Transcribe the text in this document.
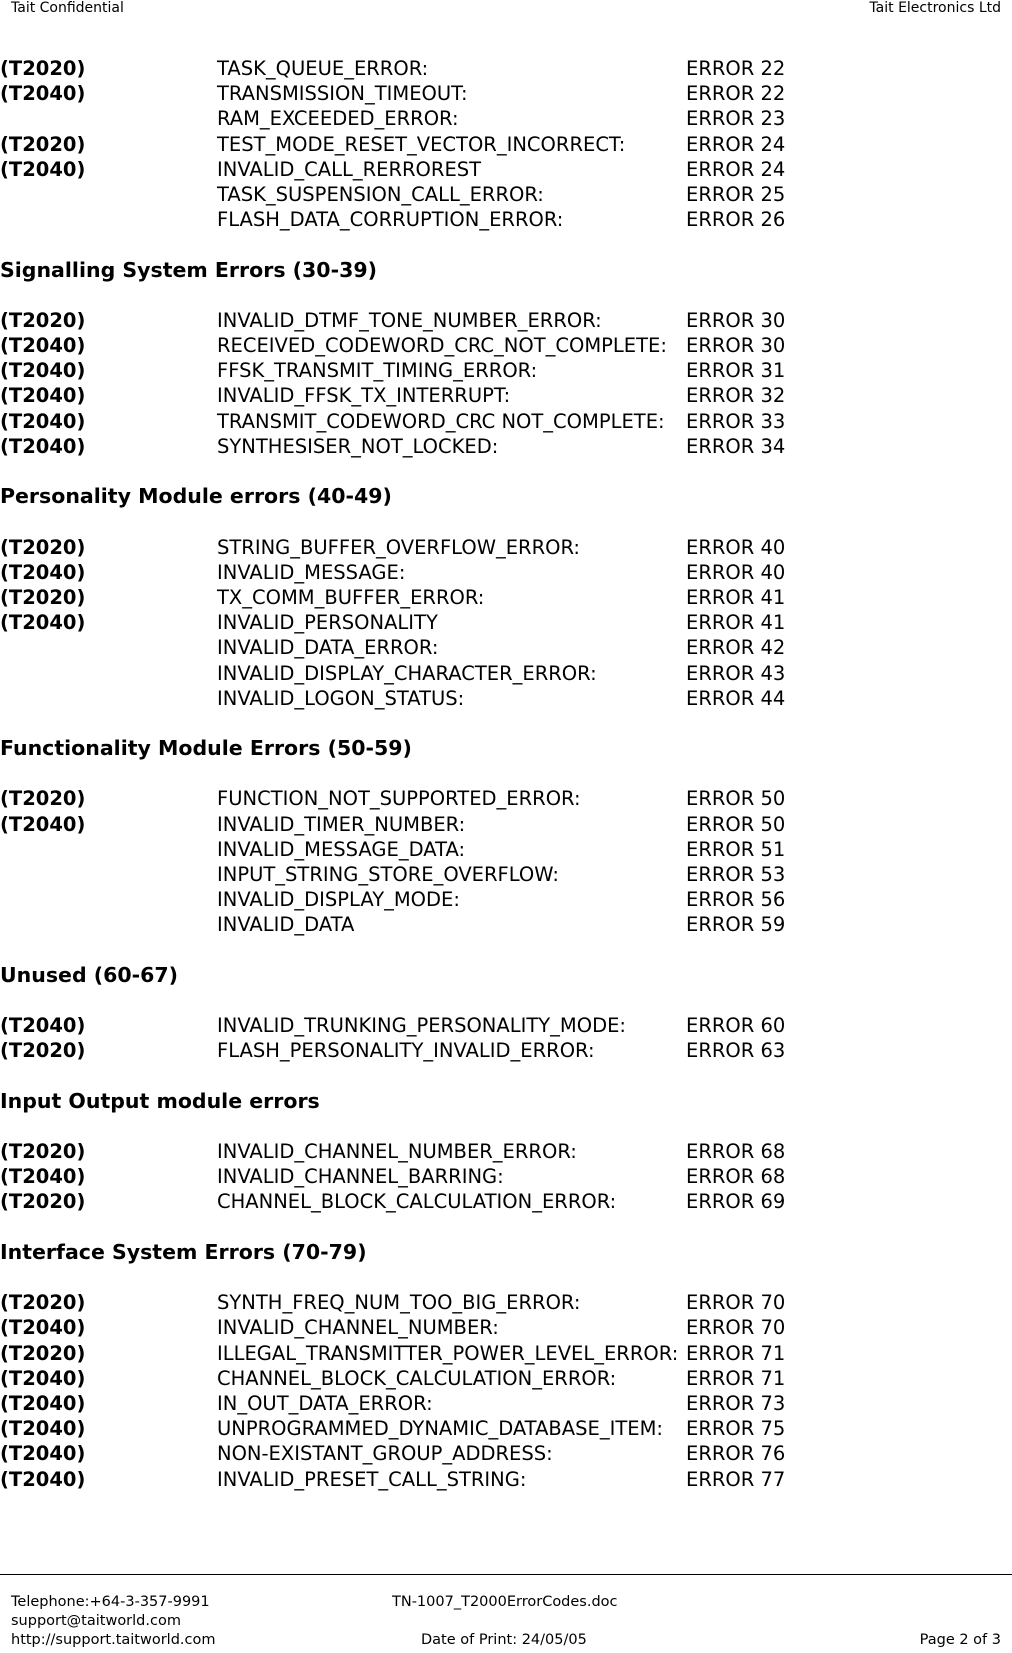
Tait Confidential	Tait Electronics Ltd
(T2020)	TASK_QUEUE_ERROR:	ERROR 22
(T2040)	TRANSMISSION_TIMEOUT:	ERROR 22
RAM_EXCEEDED_ERROR:	ERROR 23
(T2020)	TEST_MODE_RESET_VECTOR_INCORRECT:	ERROR 24
(T2040)	INVALID_CALL_RERROREST	ERROR 24
TASK_SUSPENSION_CALL_ERROR:	ERROR 25
FLASH_DATA_CORRUPTION_ERROR:	ERROR 26
Signalling System Errors (30-39)
(T2020)	INVALID_DTMF_TONE_NUMBER_ERROR:	ERROR 30
(T2040)	RECEIVED_CODEWORD_CRC_NOT_COMPLETE: ERROR 30
(T2040)	FFSK_TRANSMIT_TIMING_ERROR:	ERROR 31
(T2040)	INVALID_FFSK_TX_INTERRUPT:	ERROR 32
(T2040)	TRANSMIT_CODEWORD_CRC NOT_COMPLETE: ERROR 33
(T2040)	SYNTHESISER_NOT_LOCKED:	ERROR 34
Personality Module errors (40-49)
(T2020)	STRING_BUFFER_OVERFLOW_ERROR:	ERROR 40
(T2040)	INVALID_MESSAGE:	ERROR 40
(T2020)	TX_COMM_BUFFER_ERROR:	ERROR 41
(T2040)	INVALID_PERSONALITY	ERROR 41
INVALID_DATA_ERROR:	ERROR 42
INVALID_DISPLAY_CHARACTER_ERROR:	ERROR 43
INVALID_LOGON_STATUS:	ERROR 44
Functionality Module Errors (50-59)
(T2020)	FUNCTION_NOT_SUPPORTED_ERROR:	ERROR 50
(T2040)	INVALID_TIMER_NUMBER:	ERROR 50
INVALID_MESSAGE_DATA:	ERROR 51
INPUT_STRING_STORE_OVERFLOW:	ERROR 53
INVALID_DISPLAY_MODE:	ERROR 56
INVALID_DATA	ERROR 59
Unused (60-67)
(T2040)	INVALID_TRUNKING_PERSONALITY_MODE:	ERROR 60
(T2020)	FLASH_PERSONALITY_INVALID_ERROR:	ERROR 63
Input Output module errors
(T2020)	INVALID_CHANNEL_NUMBER_ERROR:	ERROR 68
(T2040)	INVALID_CHANNEL_BARRING:	ERROR 68
(T2020)	CHANNEL_BLOCK_CALCULATION_ERROR:	ERROR 69
Interface System Errors (70-79)
(T2020)	SYNTH_FREQ_NUM_TOO_BIG_ERROR:	ERROR 70
(T2040)	INVALID_CHANNEL_NUMBER:	ERROR 70
(T2020)	ILLEGAL_TRANSMITTER_POWER_LEVEL_ERROR: ERROR 71
(T2040)	CHANNEL_BLOCK_CALCULATION_ERROR:	ERROR 71
(T2040)	IN_OUT_DATA_ERROR:	ERROR 73
(T2040)	UNPROGRAMMED_DYNAMIC_DATABASE_ITEM: ERROR 75
(T2040)	NON-EXISTANT_GROUP_ADDRESS:	ERROR 76
(T2040)	INVALID_PRESET_CALL_STRING:	ERROR 77
Telephone:+64-3-357-9991
support@taitworld.com
http://support.taitworld.com
TN-1007_T2000ErrorCodes.doc
Date of Print: 24/05/05	Page 2 of 3
